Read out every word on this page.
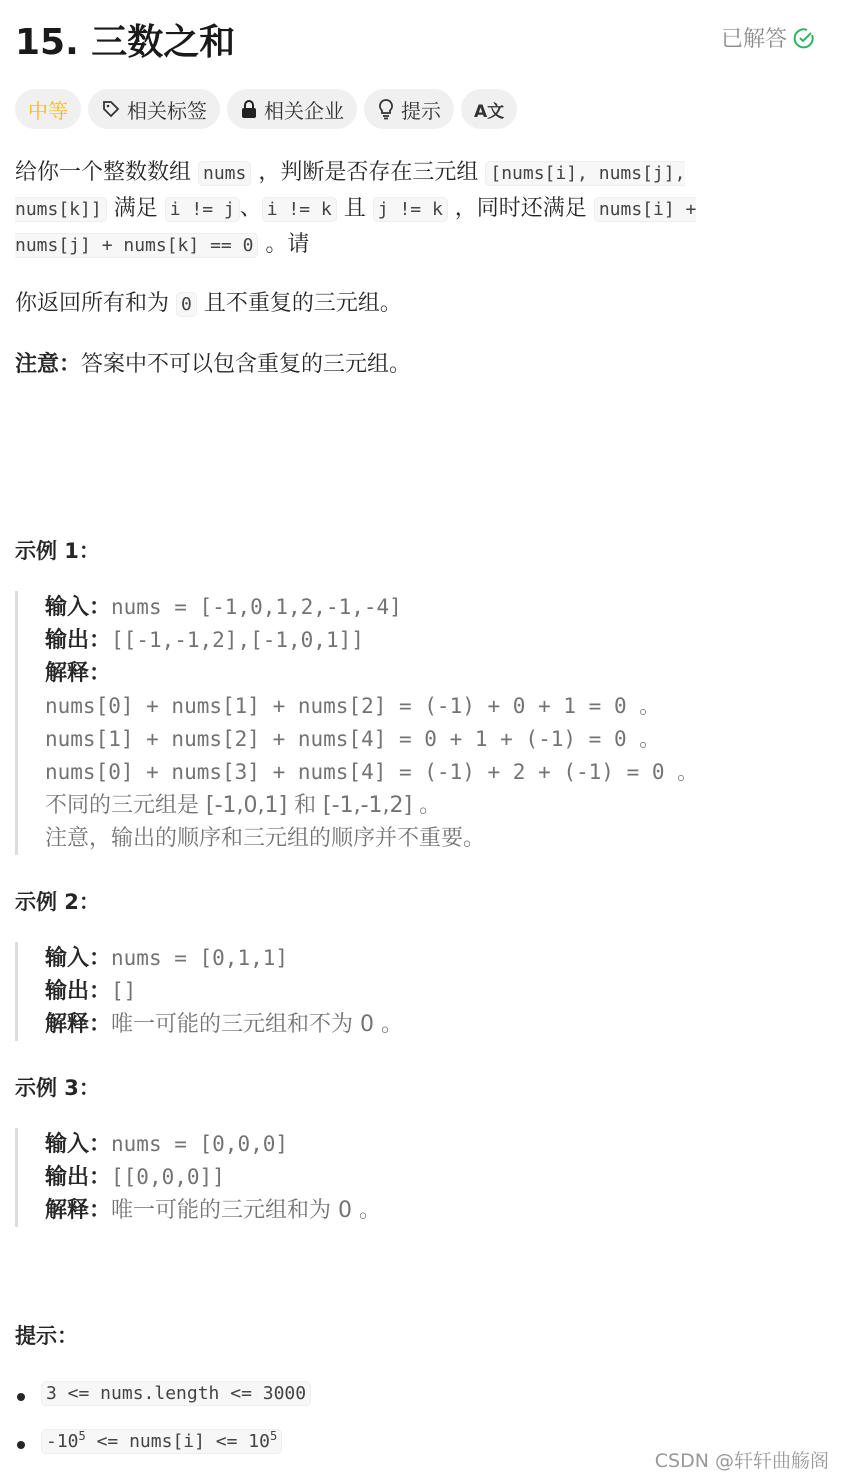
15. 三数之和	已解答
中等	相关标签	相关企业	提示 A文
给你一个整数数组 nums ，判断是否存在三元组 [nums[i], nums[j], nums[k]] 满足 i != j 、 i != k 且 j != k ，同时还满足 nums[i] + nums[j] + nums[k] == 0 。请
你返回所有和为 0 且不重复的三元组。
注意：答案中不可以包含重复的三元组。
示例 1：
输入：nums = [-1,0,1,2,-1,-4]
输出：[[-1,-1,2],[-1,0,1]]
解释：
nums[0] + nums[1] + nums[2] = (-1) + 0 + 1 = 0 。
nums[1] + nums[2] + nums[4] = 0 + 1 + (-1) = 0 。
nums[0] + nums[3] + nums[4] = (-1) + 2 + (-1) = 0 。
不同的三元组是 [-1,0,1] 和 [-1,-1,2] 。
注意，输出的顺序和三元组的顺序并不重要。
示例 2：
输入：nums = [0,1,1]
输出：[]
解释：唯一可能的三元组和不为 0 。
示例 3：
输入：nums = [0,0,0]
输出：[[0,0,0]]
解释：唯一可能的三元组和为 0 。
提示：
3 <= nums.length <= 3000
$-10^5$ <= nums[i] <= $10^5$
CSDN @轩轩曲觞阁
